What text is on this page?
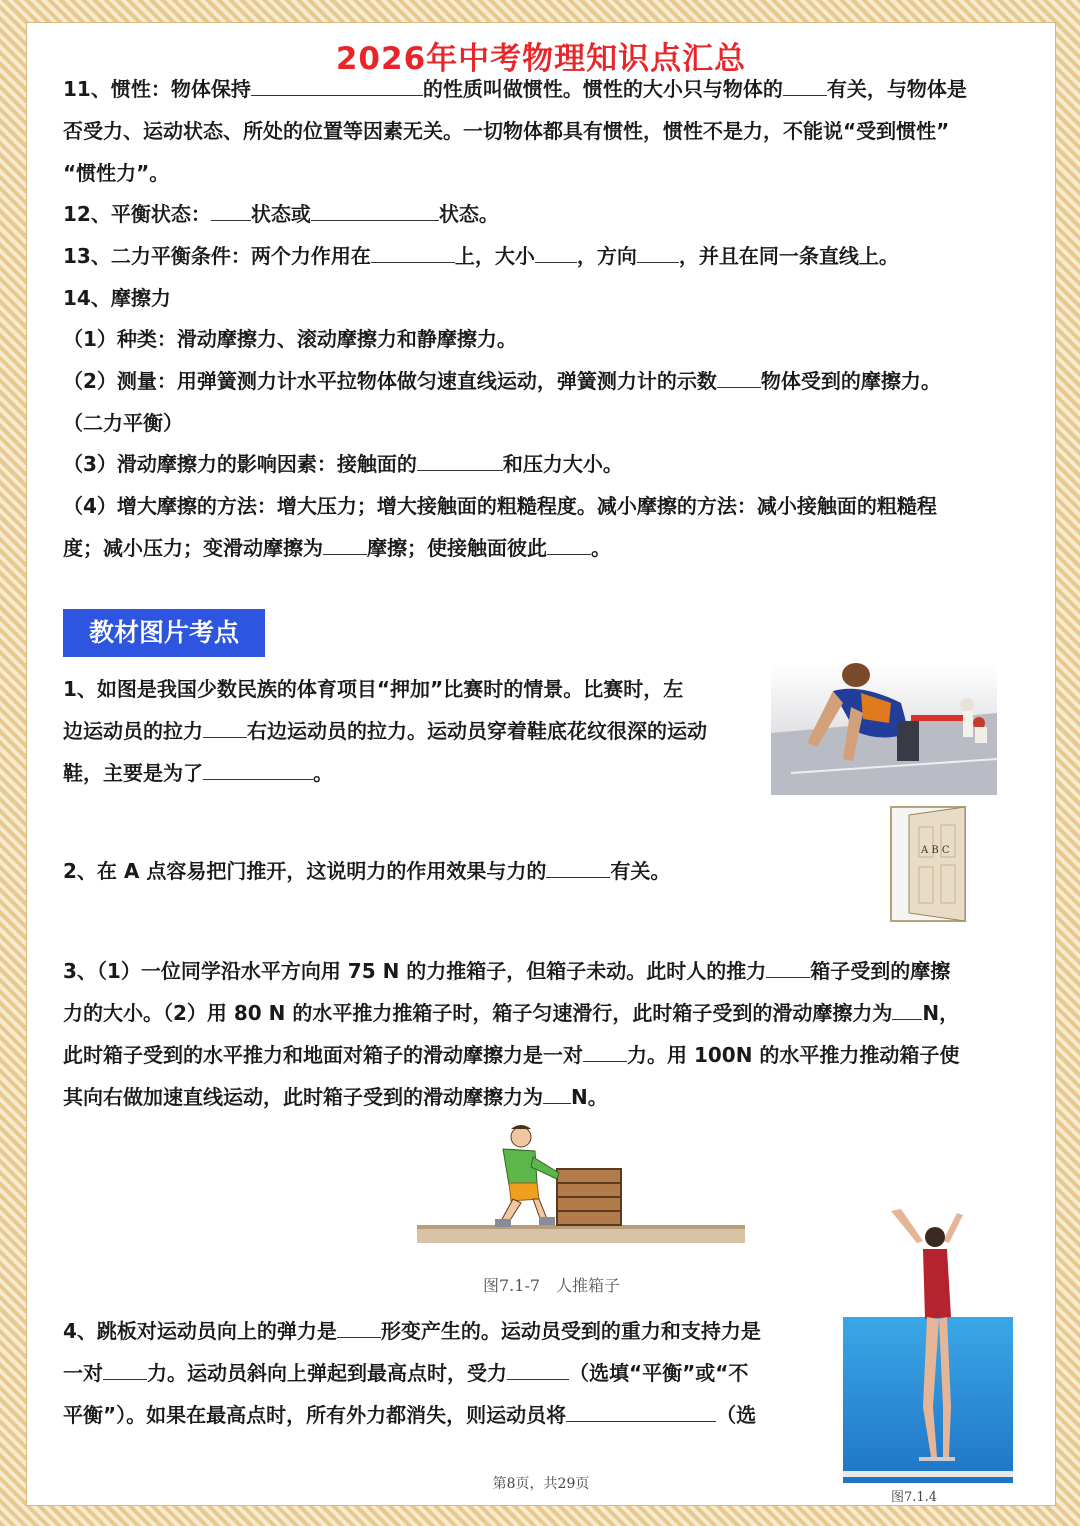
2026年中考物理知识点汇总
11、惯性：物体保持	的性质叫做惯性。惯性的大小只与物体的 有关，与物体是
否受力、运动状态、所处的位置等因素无关。一切物体都具有惯性，惯性不是力，不能说“受到惯性”
“惯性力”。
12、平衡状态： 状态或	状态。
13、二力平衡条件：两个力作用在	上，大小 ，方向 ，并且在同一条直线上。
14、摩擦力
（1）种类：滑动摩擦力、滚动摩擦力和静摩擦力。
（2）测量：用弹簧测力计水平拉物体做匀速直线运动，弹簧测力计的示数 物体受到的摩擦力。
（二力平衡）
（3）滑动摩擦力的影响因素：接触面的	和压力大小。
（4）增大摩擦的方法：增大压力；增大接触面的粗糙程度。减小摩擦的方法：减小接触面的粗糙程
度；减小压力；变滑动摩擦为 摩擦；使接触面彼此 。
教材图片考点
1、如图是我国少数民族的体育项目“押加”比赛时的情景。比赛时，左
边运动员的拉力 右边运动员的拉力。运动员穿着鞋底花纹很深的运动
鞋，主要是为了	。
2、在 A 点容易把门推开，这说明力的作用效果与力的	有关。
A B C
3、（1）一位同学沿水平方向用 75 N 的力推箱子，但箱子未动。此时人的推力 箱子受到的摩擦
力的大小。（2）用 80 N 的水平推力推箱子时，箱子匀速滑行，此时箱子受到的滑动摩擦力为 N，
此时箱子受到的水平推力和地面对箱子的滑动摩擦力是一对 力。用 100N 的水平推力推动箱子使
其向右做加速直线运动，此时箱子受到的滑动摩擦力为 N。
图7.1-7　人推箱子
4、跳板对运动员向上的弹力是 形变产生的。运动员受到的重力和支持力是
一对 力。运动员斜向上弹起到最高点时，受力	（选填“平衡”或“不
平衡”）。如果在最高点时，所有外力都消失，则运动员将	（选
图7.1.4
第8页，共29页
